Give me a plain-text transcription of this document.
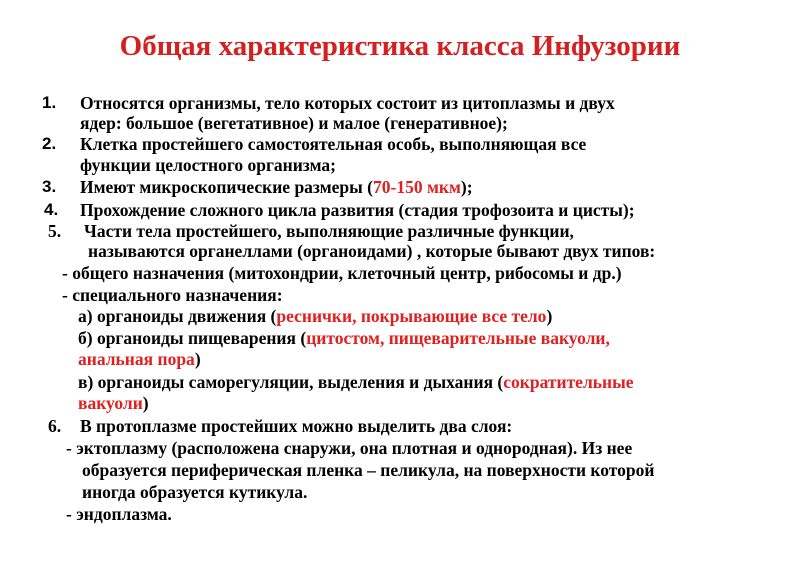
Общая характеристика класса Инфузории
1. Относятся организмы, тело которых состоит из цитоплазмы и двух
ядер: большое (вегетативное) и малое (генеративное);
2. Клетка простейшего самостоятельная особь, выполняющая все
функции целостного организма;
3. Имеют микроскопические размеры (70-150 мкм);
4. Прохождение сложного цикла развития (стадия трофозоита и цисты);
5. Части тела простейшего, выполняющие различные функции,
называются органеллами (органоидами) , которые бывают двух типов:
- общего назначения (митохондрии, клеточный центр, рибосомы и др.)
- специального назначения:
а) органоиды движения (реснички, покрывающие все тело)
б) органоиды пищеварения (цитостом, пищеварительные вакуоли,
анальная пора)
в) органоиды саморегуляции, выделения и дыхания (сократительные
вакуоли)
6. В протоплазме простейших можно выделить два слоя:
- эктоплазму (расположена снаружи, она плотная и однородная). Из нее
образуется периферическая пленка – пеликула, на поверхности которой
иногда образуется кутикула.
- эндоплазма.
